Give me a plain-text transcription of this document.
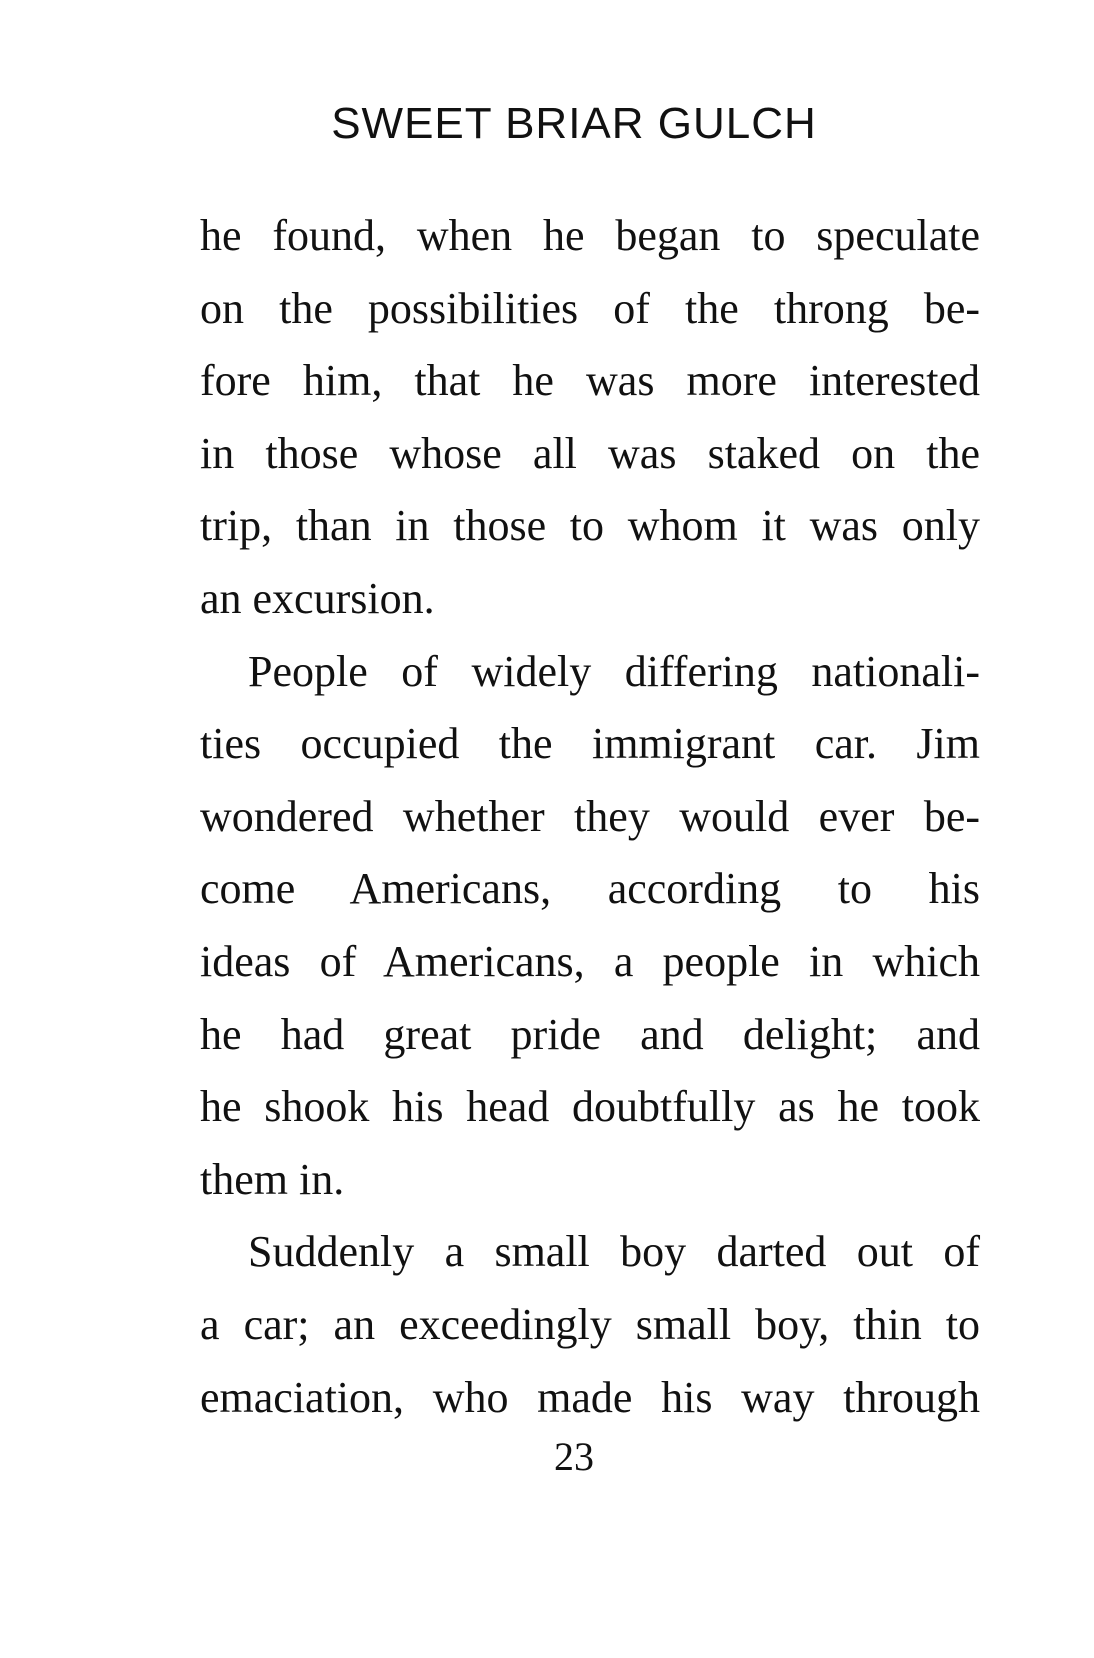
SWEET BRIAR GULCH
he found, when he began to speculate
on the possibilities of the throng be-
fore him, that he was more interested
in those whose all was staked on the
trip, than in those to whom it was only
an excursion.
People of widely differing nationali-
ties occupied the immigrant car. Jim
wondered whether they would ever be-
come Americans, according to his
ideas of Americans, a people in which
he had great pride and delight; and
he shook his head doubtfully as he took
them in.
Suddenly a small boy darted out of
a car; an exceedingly small boy, thin to
emaciation, who made his way through
23
